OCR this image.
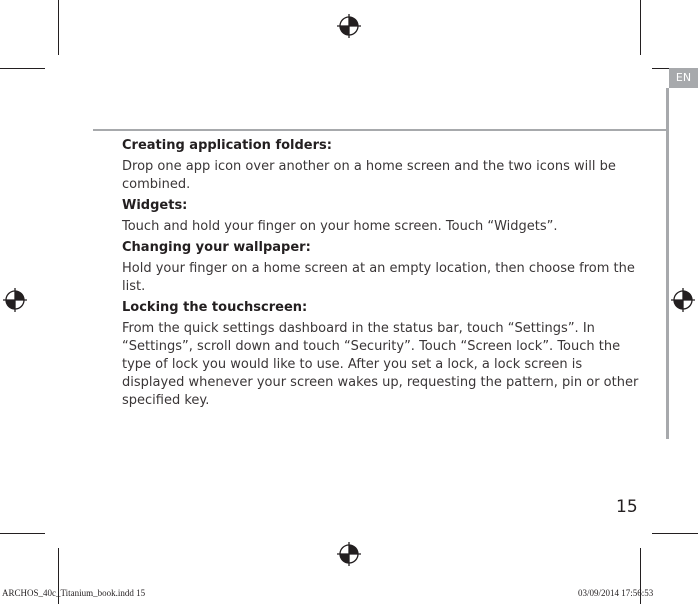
EN
Creating application folders:

Drop one app icon over another on a home screen and the two icons will be combined.

Widgets:

Touch and hold your finger on your home screen. Touch “Widgets”.

Changing your wallpaper:

Hold your finger on a home screen at an empty location, then choose from the list.

Locking the touchscreen:

From the quick settings dashboard in the status bar, touch “Settings”. In “Settings”, scroll down and touch “Security”. Touch “Screen lock”. Touch the type of lock you would like to use. After you set a lock, a lock screen is displayed whenever your screen wakes up, requesting the pattern, pin or other specified key.

15
ARCHOS_40c_Titanium_book.indd 15	03/09/2014 17:56:53
